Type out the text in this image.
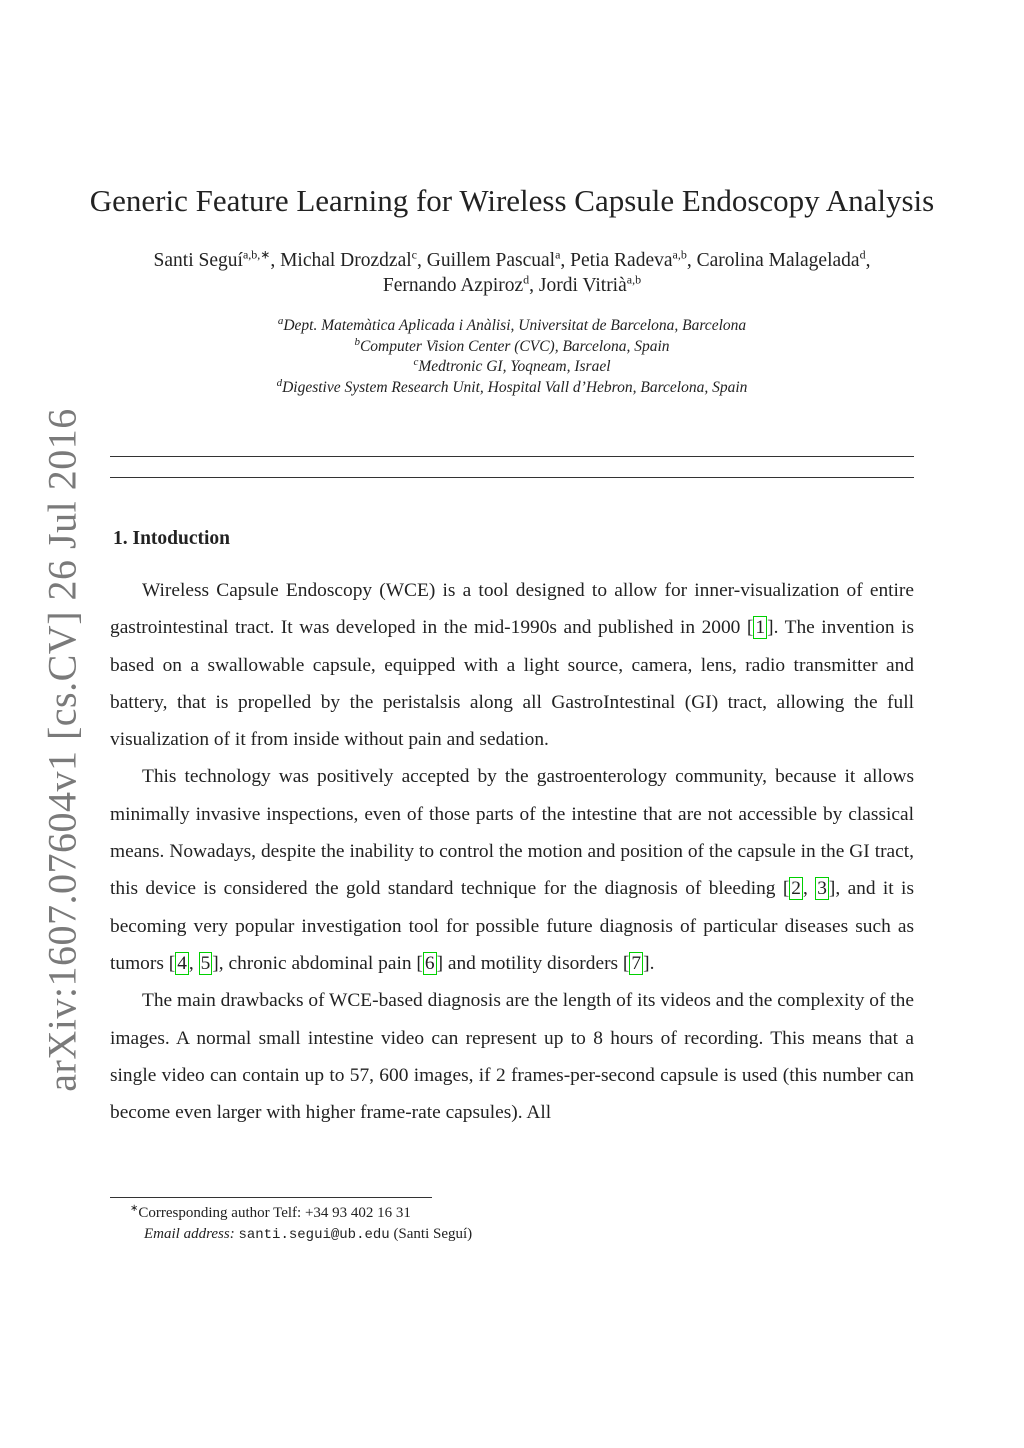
arXiv:1607.07604v1 [cs.CV] 26 Jul 2016
Generic Feature Learning for Wireless Capsule Endoscopy Analysis
Santi Seguí$^{a,b,∗}$, Michal Drozdzal$^c$, Guillem Pascual$^a$, Petia Radeva$^{a,b}$, Carolina Malagelada$^d$, Fernando Azpiroz$^d$, Jordi Vitrià$^{a,b}$
$^a$Dept. Matemàtica Aplicada i Anàlisi, Universitat de Barcelona, Barcelona
$^b$Computer Vision Center (CVC), Barcelona, Spain
$^c$Medtronic GI, Yoqneam, Israel
$^d$Digestive System Research Unit, Hospital Vall d’Hebron, Barcelona, Spain
1. Intoduction

Wireless Capsule Endoscopy (WCE) is a tool designed to allow for inner-visualization of entire gastrointestinal tract. It was developed in the mid-1990s and published in 2000 [ 1 ]. The invention is based on a swallowable capsule, equipped with a light source, camera, lens, radio transmitter and battery, that is propelled by the peristalsis along all GastroIntestinal (GI) tract, allowing the full visualization of it from inside without pain and sedation.

This technology was positively accepted by the gastroenterology community, because it allows minimally invasive inspections, even of those parts of the intestine that are not accessible by classical means. Nowadays, despite the inability to control the motion and position of the capsule in the GI tract, this device is considered the gold standard technique for the diagnosis of bleeding [ 2 , 3 ], and it is becoming very popular investigation tool for possible future diagnosis of particular diseases such as tumors [ 4 , 5 ], chronic abdominal pain [ 6 ] and motility disorders [ 7 ].

The main drawbacks of WCE-based diagnosis are the length of its videos and the complexity of the images. A normal small intestine video can represent up to 8 hours of recording. This means that a single video can contain up to 57, 600 images, if 2 frames-per-second capsule is used (this number can become even larger with higher frame-rate capsules). All

∗Corresponding author Telf: +34 93 402 16 31
Email address: santi.segui@ub.edu (Santi Seguí)
